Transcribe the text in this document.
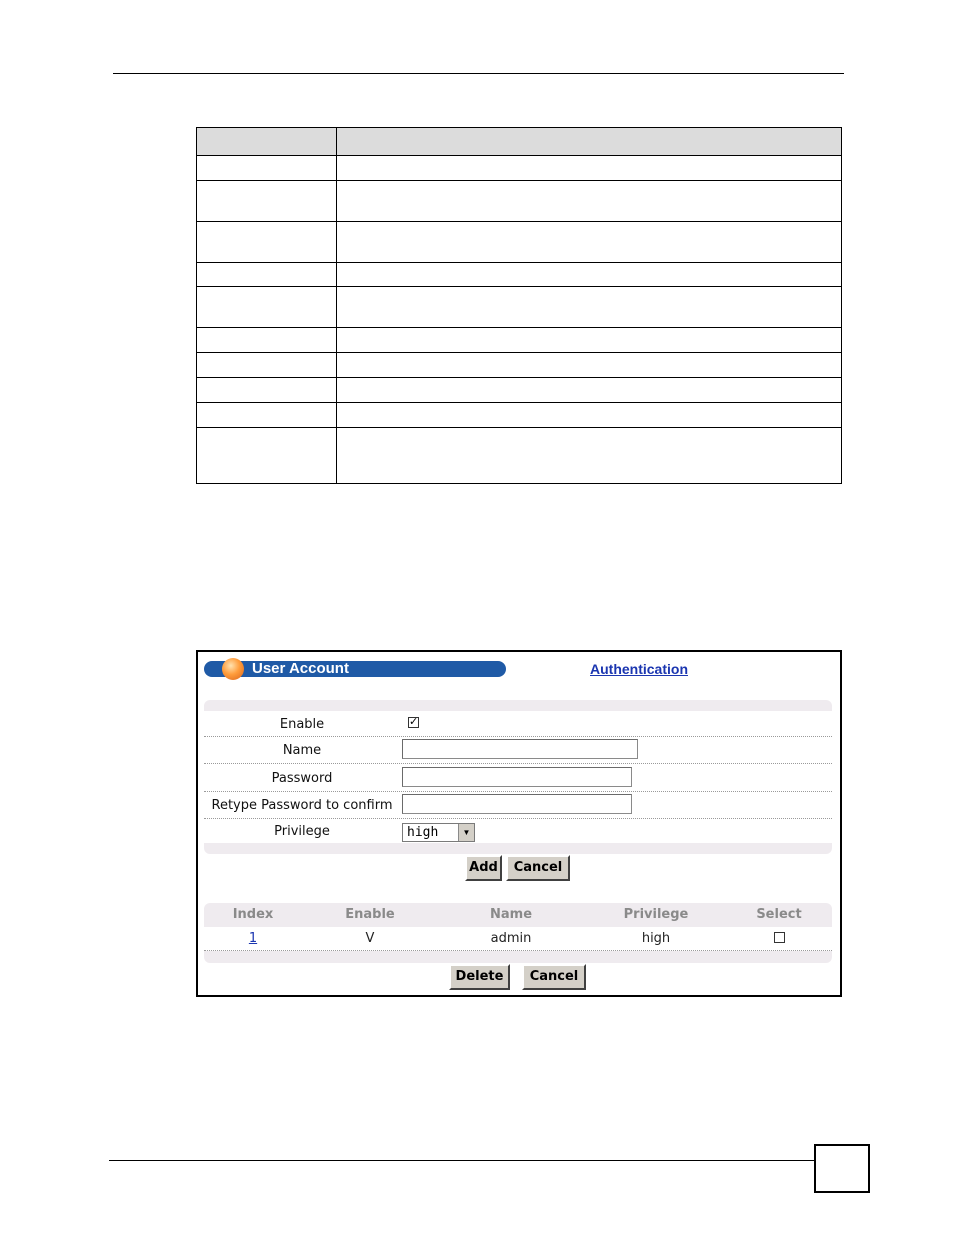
User Account	Authentication
Enable	✓
Name
Password
Retype Password to confirm
Privilege	high	▼
Add	Cancel
Index	Enable	Name	Privilege	Select
1	V	admin	high
Delete	Cancel
